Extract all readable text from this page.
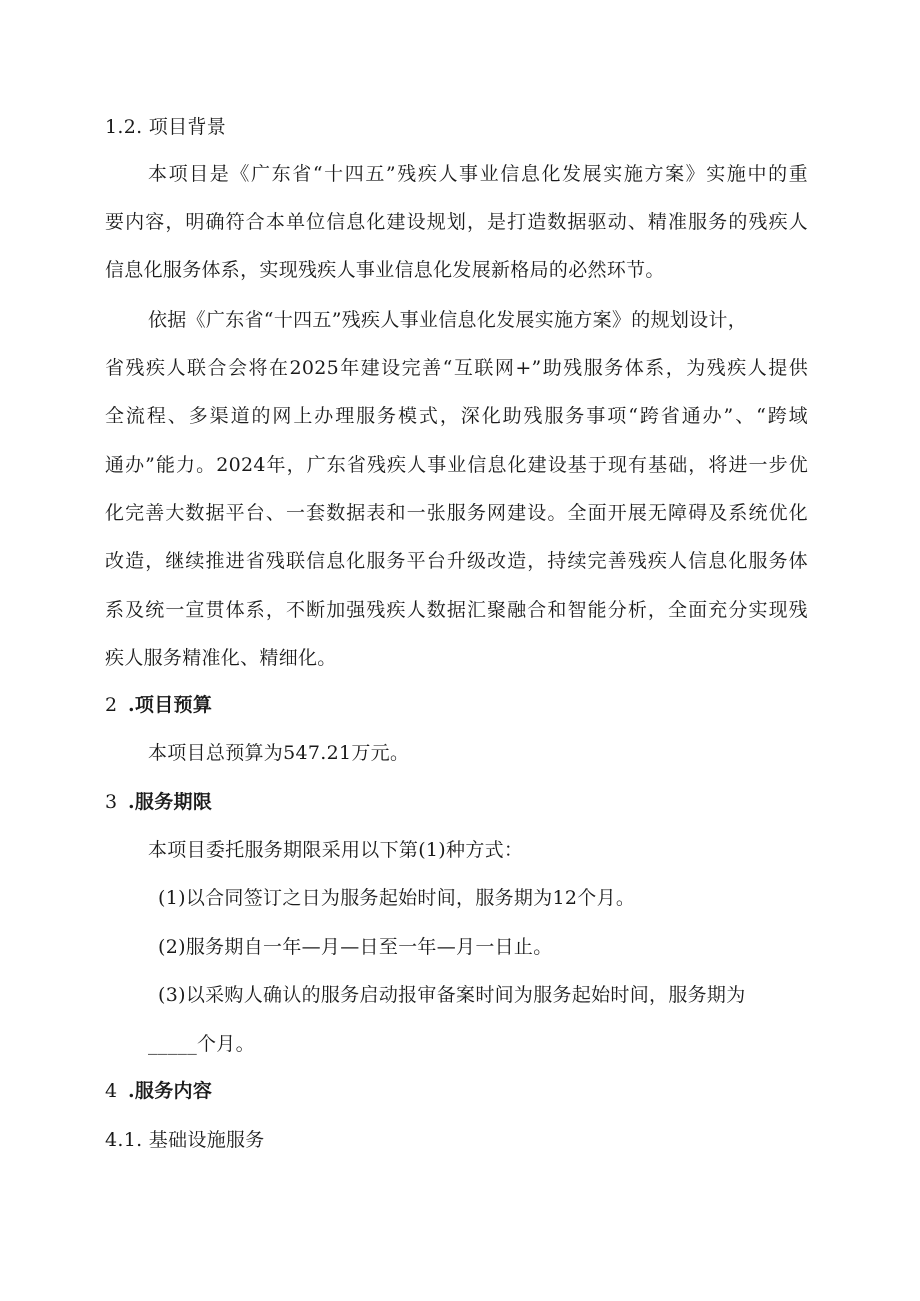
1.2. 项目背景
本项目是《广东省“十四五”残疾人事业信息化发展实施方案》实施中的重
要内容，明确符合本单位信息化建设规划，是打造数据驱动、精准服务的残疾人
信息化服务体系，实现残疾人事业信息化发展新格局的必然环节。
依据《广东省“十四五”残疾人事业信息化发展实施方案》的规划设计，
省残疾人联合会将在2025年建设完善“互联网+”助残服务体系，为残疾人提供
全流程、多渠道的网上办理服务模式，深化助残服务事项“跨省通办”、“跨域
通办”能力。2024年，广东省残疾人事业信息化建设基于现有基础，将进一步优
化完善大数据平台、一套数据表和一张服务网建设。全面开展无障碍及系统优化
改造，继续推进省残联信息化服务平台升级改造，持续完善残疾人信息化服务体
系及统一宣贯体系，不断加强残疾人数据汇聚融合和智能分析，全面充分实现残
疾人服务精准化、精细化。
2 .项目预算
本项目总预算为547.21万元。
3 .服务期限
本项目委托服务期限采用以下第(1)种方式：
(1)以合同签订之日为服务起始时间，服务期为12个月。
(2)服务期自一年—月—日至一年—月一日止。
(3)以采购人确认的服务启动报审备案时间为服务起始时间，服务期为
_____个月。
4 .服务内容
4.1. 基础设施服务
